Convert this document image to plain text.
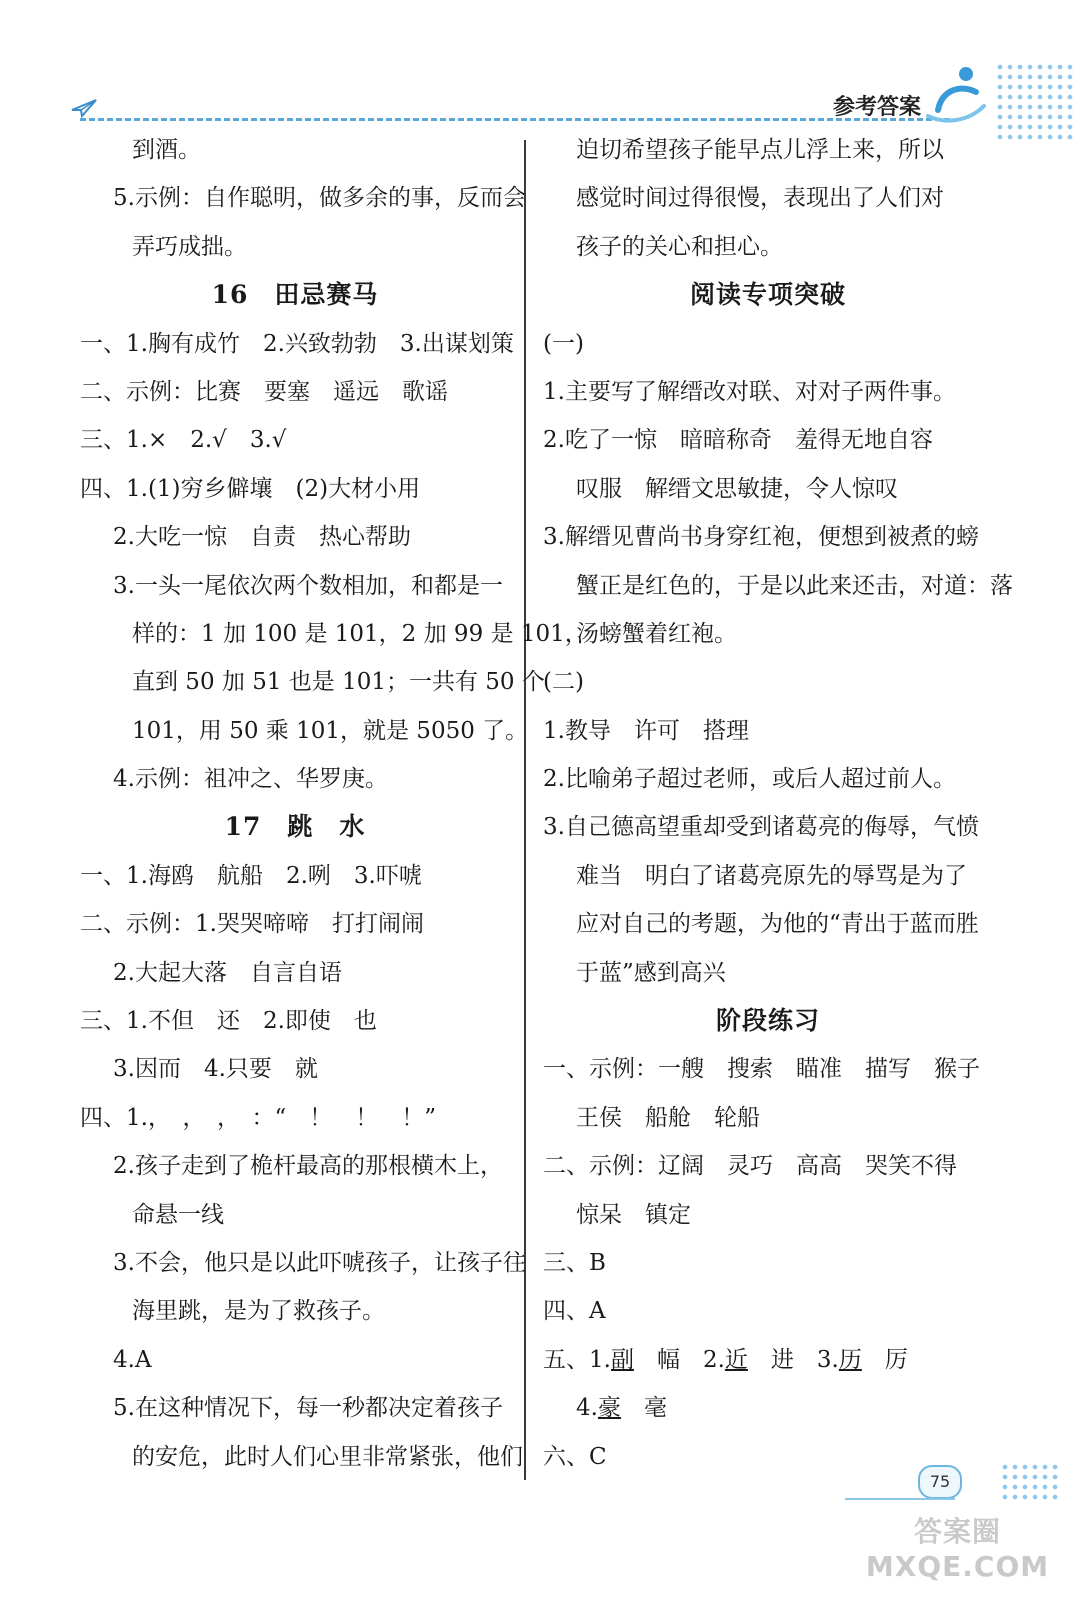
参考答案
到酒。
5.示例：自作聪明，做多余的事，反而会
弄巧成拙。
16　田忌赛马
一、1.胸有成竹　2.兴致勃勃　3.出谋划策
二、示例：比赛　要塞　遥远　歌谣
三、1.×　2.√　3.√
四、1.(1)穷乡僻壤　(2)大材小用
2.大吃一惊　自责　热心帮助
3.一头一尾依次两个数相加，和都是一
样的：1 加 100 是 101，2 加 99 是 101，
直到 50 加 51 也是 101；一共有 50 个
101，用 50 乘 101，就是 5050 了。
4.示例：祖冲之、华罗庚。
17　跳　水
一、1.海鸥　航船　2.咧　3.吓唬
二、示例：1.哭哭啼啼　打打闹闹
2.大起大落　自言自语
三、1.不但　还　2.即使　也
3.因而　4.只要　就
四、1.，　，　，　：“　！　！　！”
2.孩子走到了桅杆最高的那根横木上，
命悬一线
3.不会，他只是以此吓唬孩子，让孩子往
海里跳，是为了救孩子。
4.A
5.在这种情况下，每一秒都决定着孩子
的安危，此时人们心里非常紧张，他们
迫切希望孩子能早点儿浮上来，所以
感觉时间过得很慢，表现出了人们对
孩子的关心和担心。
阅读专项突破
(一)
1.主要写了解缙改对联、对对子两件事。
2.吃了一惊　暗暗称奇　羞得无地自容
叹服　解缙文思敏捷，令人惊叹
3.解缙见曹尚书身穿红袍，便想到被煮的螃
蟹正是红色的，于是以此来还击，对道：落
汤螃蟹着红袍。
(二)
1.教导　许可　搭理
2.比喻弟子超过老师，或后人超过前人。
3.自己德高望重却受到诸葛亮的侮辱，气愤
难当　明白了诸葛亮原先的辱骂是为了
应对自己的考题，为他的“青出于蓝而胜
于蓝”感到高兴
阶段练习
一、示例：一艘　搜索　瞄准　描写　猴子
王侯　船舱　轮船
二、示例：辽阔　灵巧　高高　哭笑不得
惊呆　镇定
三、B
四、A
五、1.副　幅　2.近　进　3.历　厉
4.豪　毫
六、C
75
答案圈 MXQE.COM
